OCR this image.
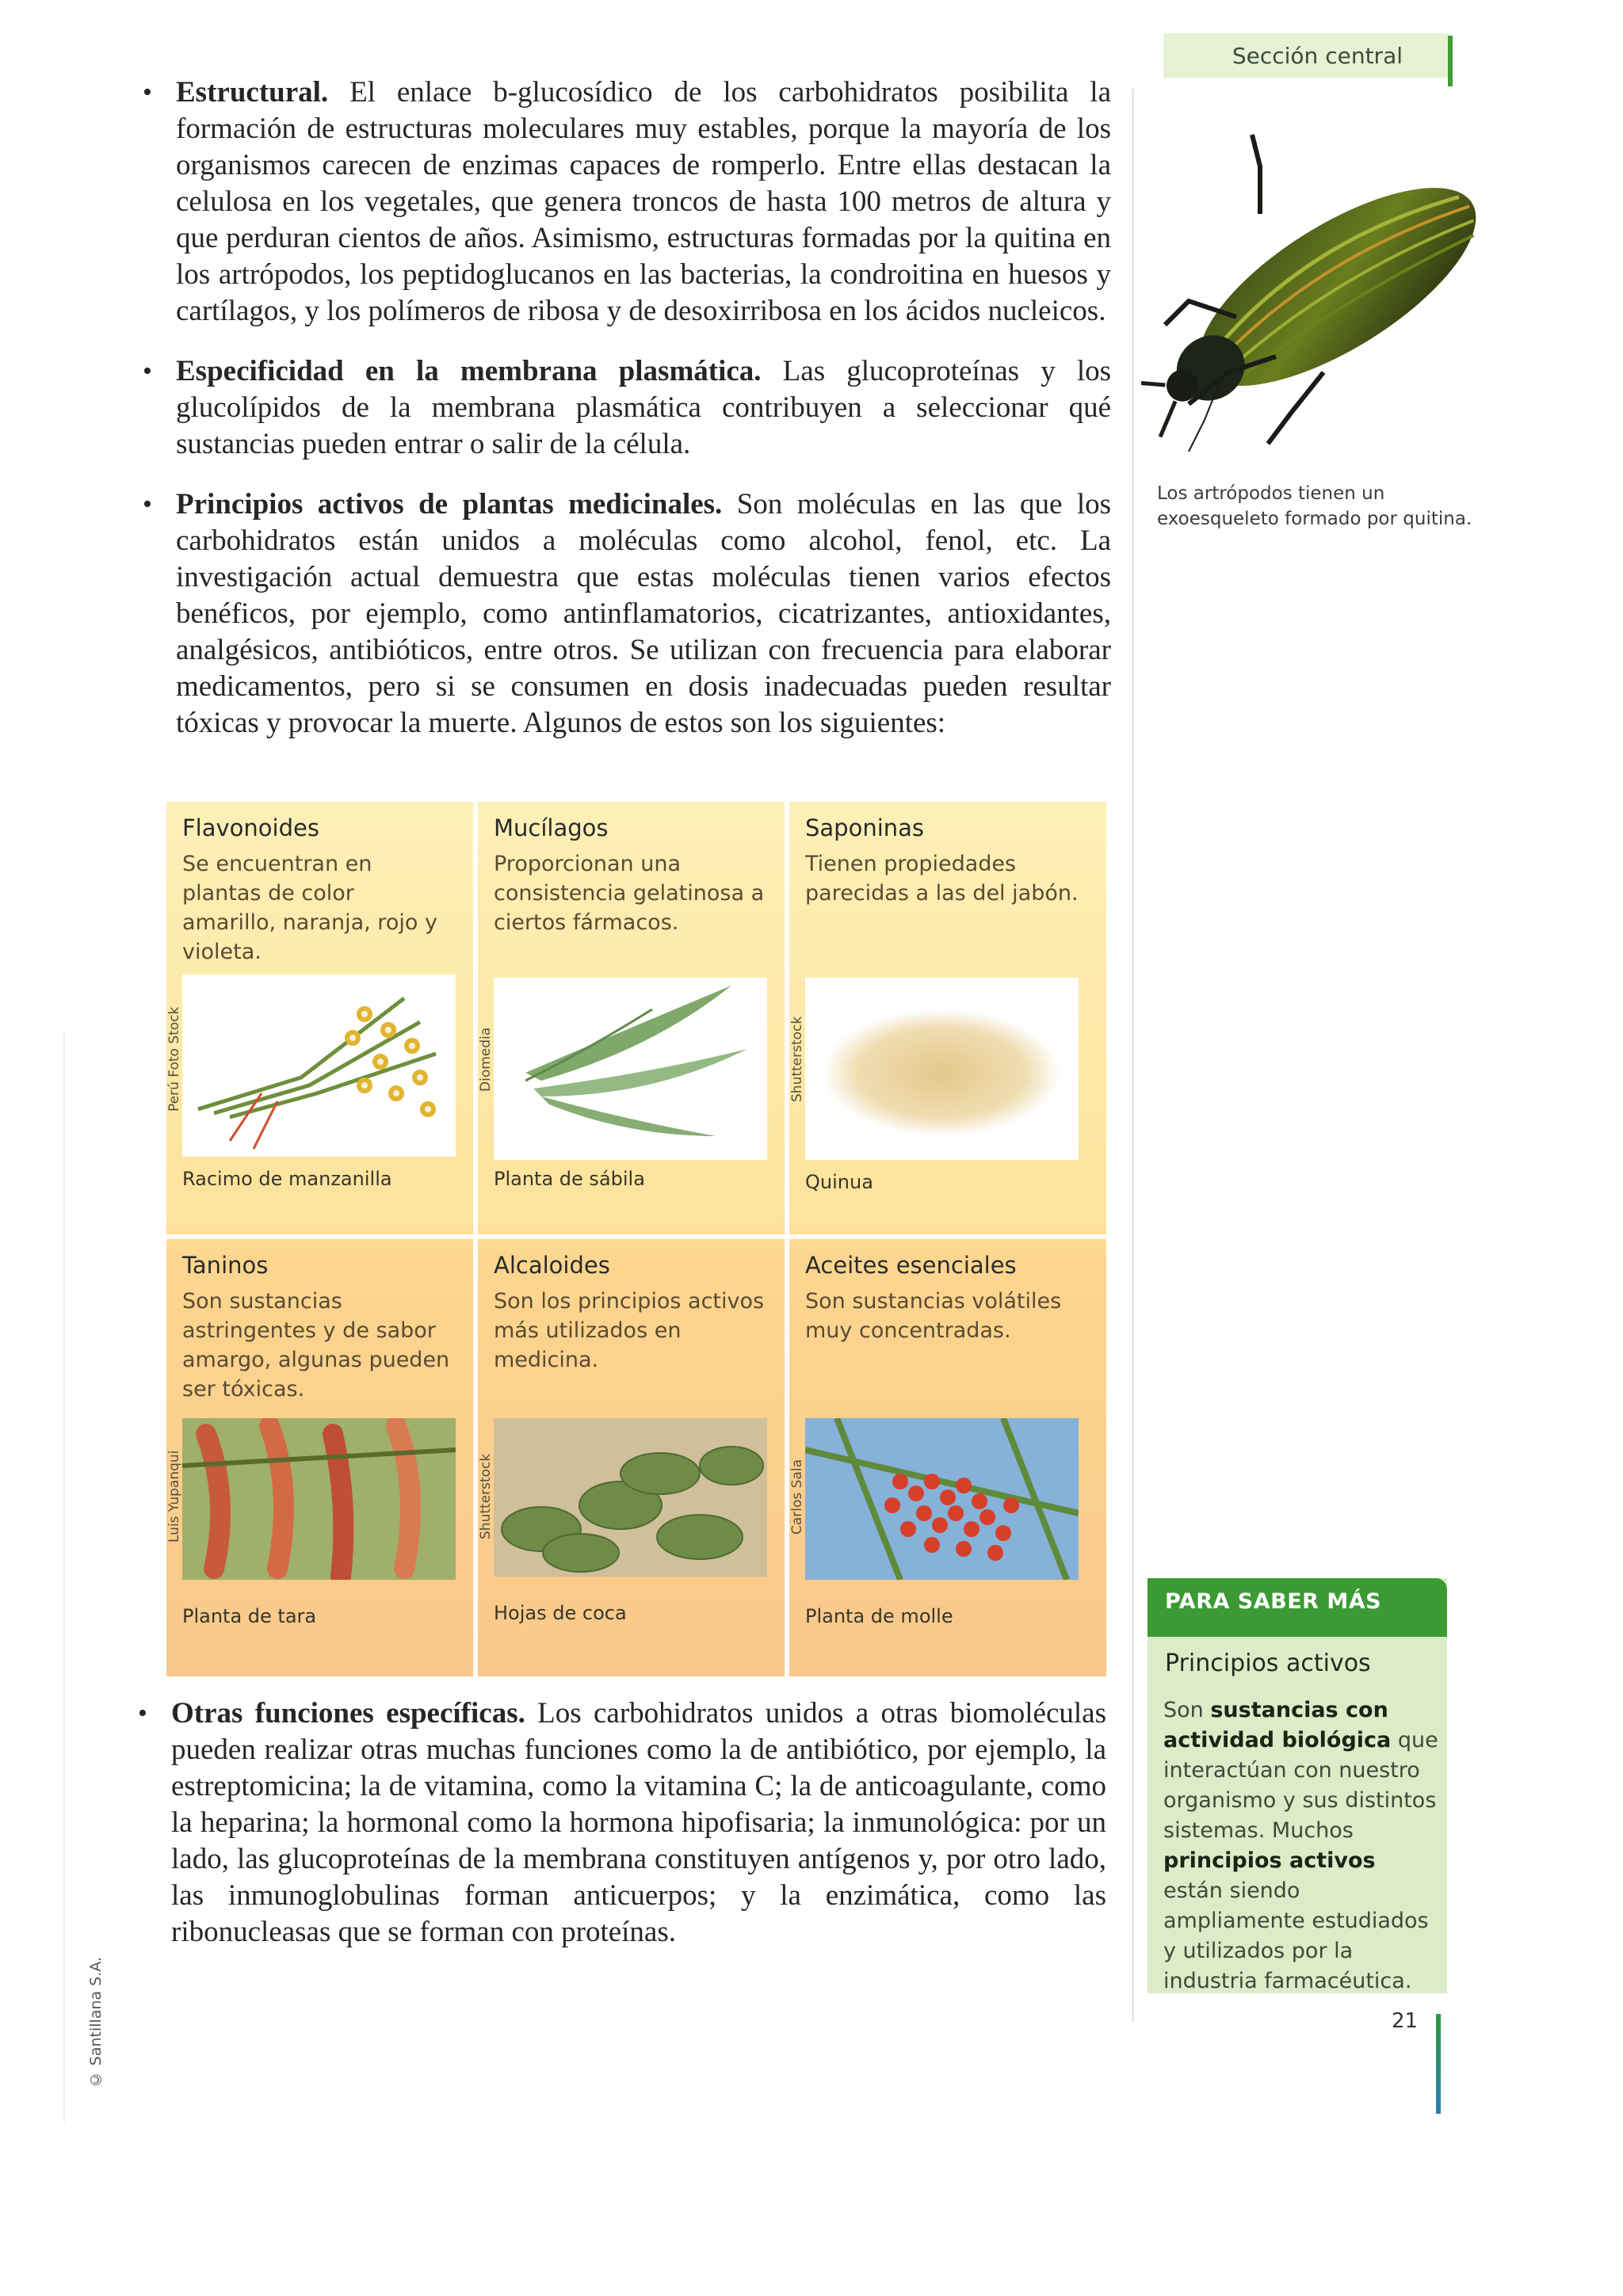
Sección central

• Estructural. El enlace b-glucosídico de los carbohidratos posibilita la formación de estructuras moleculares muy estables, porque la mayoría de los organismos carecen de enzimas capaces de romperlo. Entre ellas destacan la celulosa en los vegetales, que genera troncos de hasta 100 metros de altura y que perduran cientos de años. Asimismo, estructuras formadas por la quitina en los artrópodos, los peptidoglucanos en las bacterias, la condroitina en huesos y cartílagos, y los polímeros de ribosa y de desoxirribosa en los ácidos nucleicos.

• Especificidad en la membrana plasmática. Las glucoproteínas y los glucolípidos de la membrana plasmática contribuyen a seleccionar qué sustancias pueden entrar o salir de la célula.

• Principios activos de plantas medicinales. Son moléculas en las que los carbohidratos están unidos a moléculas como alcohol, fenol, etc. La investigación actual demuestra que estas moléculas tienen varios efectos benéficos, por ejemplo, como antinflamatorios, cicatrizantes, antioxidantes, analgésicos, antibióticos, entre otros. Se utilizan con frecuencia para elaborar medicamentos, pero si se consumen en dosis inadecuadas pueden resultar tóxicas y provocar la muerte. Algunos de estos son los siguientes:

Los artrópodos tienen un exoesqueleto formado por quitina.
Flavonoides
Se encuentran en plantas de color amarillo, naranja, rojo y violeta.
Perú Foto Stock
Racimo de manzanilla
Mucílagos
Proporcionan una consistencia gelatinosa a ciertos fármacos.
Diomedia
Planta de sábila
Saponinas
Tienen propiedades parecidas a las del jabón.
Shutterstock
Quinua
Taninos
Son sustancias astringentes y de sabor amargo, algunas pueden ser tóxicas.
Luis Yupanqui
Planta de tara
Alcaloides
Son los principios activos más utilizados en medicina.
Shutterstock
Hojas de coca
Aceites esenciales
Son sustancias volátiles muy concentradas.
Carlos Sala
Planta de molle

• Otras funciones específicas. Los carbohidratos unidos a otras biomoléculas pueden realizar otras muchas funciones como la de antibiótico, por ejemplo, la estreptomicina; la de vitamina, como la vitamina C; la de anticoagulante, como la heparina; la hormonal como la hormona hipofisaria; la inmunológica: por un lado, las glucoproteínas de la membrana constituyen antígenos y, por otro lado, las inmunoglobulinas forman anticuerpos; y la enzimática, como las ribonucleasas que se forman con proteínas.

PARA SABER MÁS
Principios activos
Son sustancias con actividad biológica que interactúan con nuestro organismo y sus distintos sistemas. Muchos principios activos están siendo ampliamente estudiados y utilizados por la industria farmacéutica.
© Santillana S.A.	21
